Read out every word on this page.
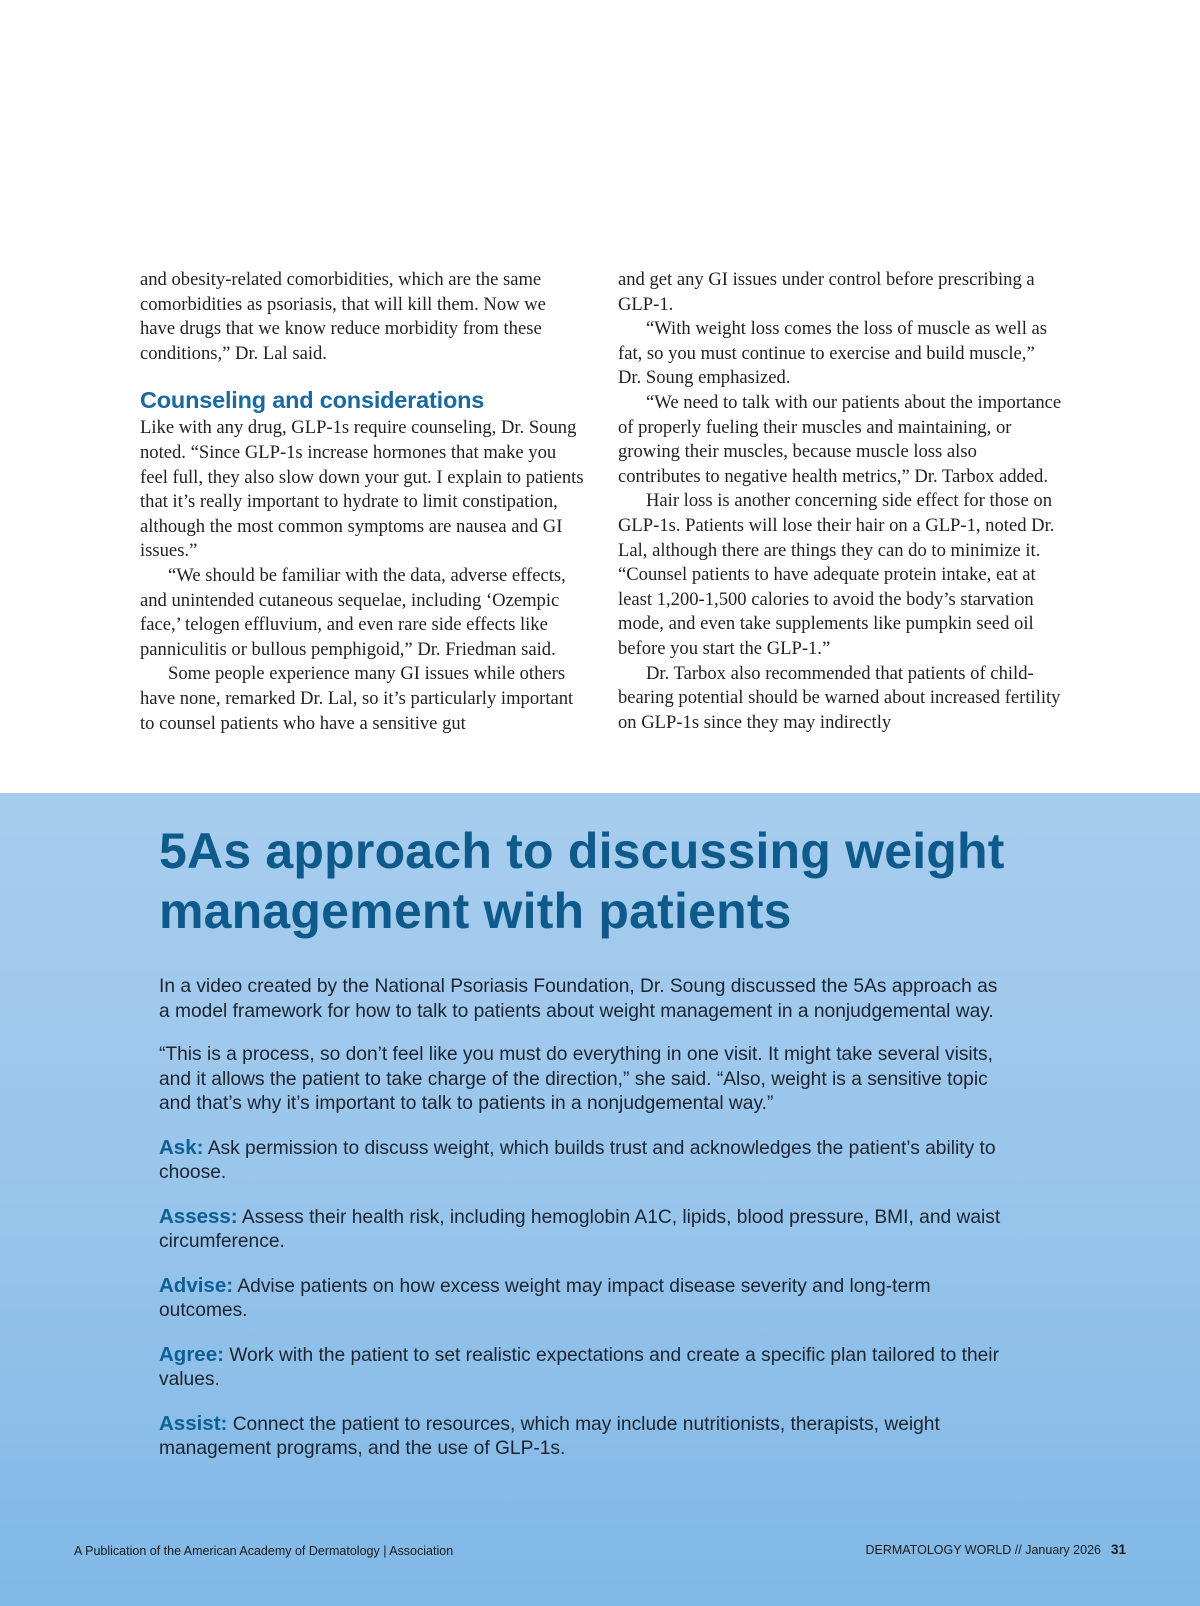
and obesity-related comorbidities, which are the same comorbidities as psoriasis, that will kill them. Now we have drugs that we know reduce morbidity from these conditions,” Dr. Lal said.

Counseling and considerations

Like with any drug, GLP-1s require counseling, Dr. Soung noted. “Since GLP-1s increase hormones that make you feel full, they also slow down your gut. I explain to patients that it’s really important to hydrate to limit constipation, although the most common symptoms are nausea and GI issues.”

“We should be familiar with the data, adverse effects, and unintended cutaneous sequelae, including ‘Ozempic face,’ telogen effluvium, and even rare side effects like panniculitis or bullous pemphigoid,” Dr. Friedman said.

Some people experience many GI issues while others have none, remarked Dr. Lal, so it’s particularly important to counsel patients who have a sensitive gut

and get any GI issues under control before prescribing a GLP-1.

“With weight loss comes the loss of muscle as well as fat, so you must continue to exercise and build muscle,” Dr. Soung emphasized.

“We need to talk with our patients about the importance of properly fueling their muscles and maintaining, or growing their muscles, because muscle loss also contributes to negative health metrics,” Dr. Tarbox added.

Hair loss is another concerning side effect for those on GLP-1s. Patients will lose their hair on a GLP-1, noted Dr. Lal, although there are things they can do to minimize it. “Counsel patients to have adequate protein intake, eat at least 1,200-1,500 calories to avoid the body’s starvation mode, and even take supplements like pumpkin seed oil before you start the GLP-1.”

Dr. Tarbox also recommended that patients of child-bearing potential should be warned about increased fertility on GLP-1s since they may indirectly

5As approach to discussing weight management with patients

In a video created by the National Psoriasis Foundation, Dr. Soung discussed the 5As approach as a model framework for how to talk to patients about weight management in a nonjudgemental way.

“This is a process, so don’t feel like you must do everything in one visit. It might take several visits, and it allows the patient to take charge of the direction,” she said. “Also, weight is a sensitive topic and that’s why it’s important to talk to patients in a nonjudgemental way.”

Ask: Ask permission to discuss weight, which builds trust and acknowledges the patient’s ability to choose.

Assess: Assess their health risk, including hemoglobin A1C, lipids, blood pressure, BMI, and waist circumference.

Advise: Advise patients on how excess weight may impact disease severity and long-term outcomes.

Agree: Work with the patient to set realistic expectations and create a specific plan tailored to their values.

Assist: Connect the patient to resources, which may include nutritionists, therapists, weight management programs, and the use of GLP-1s.

A Publication of the American Academy of Dermatology | Association	DERMATOLOGY WORLD // January 2026 31
